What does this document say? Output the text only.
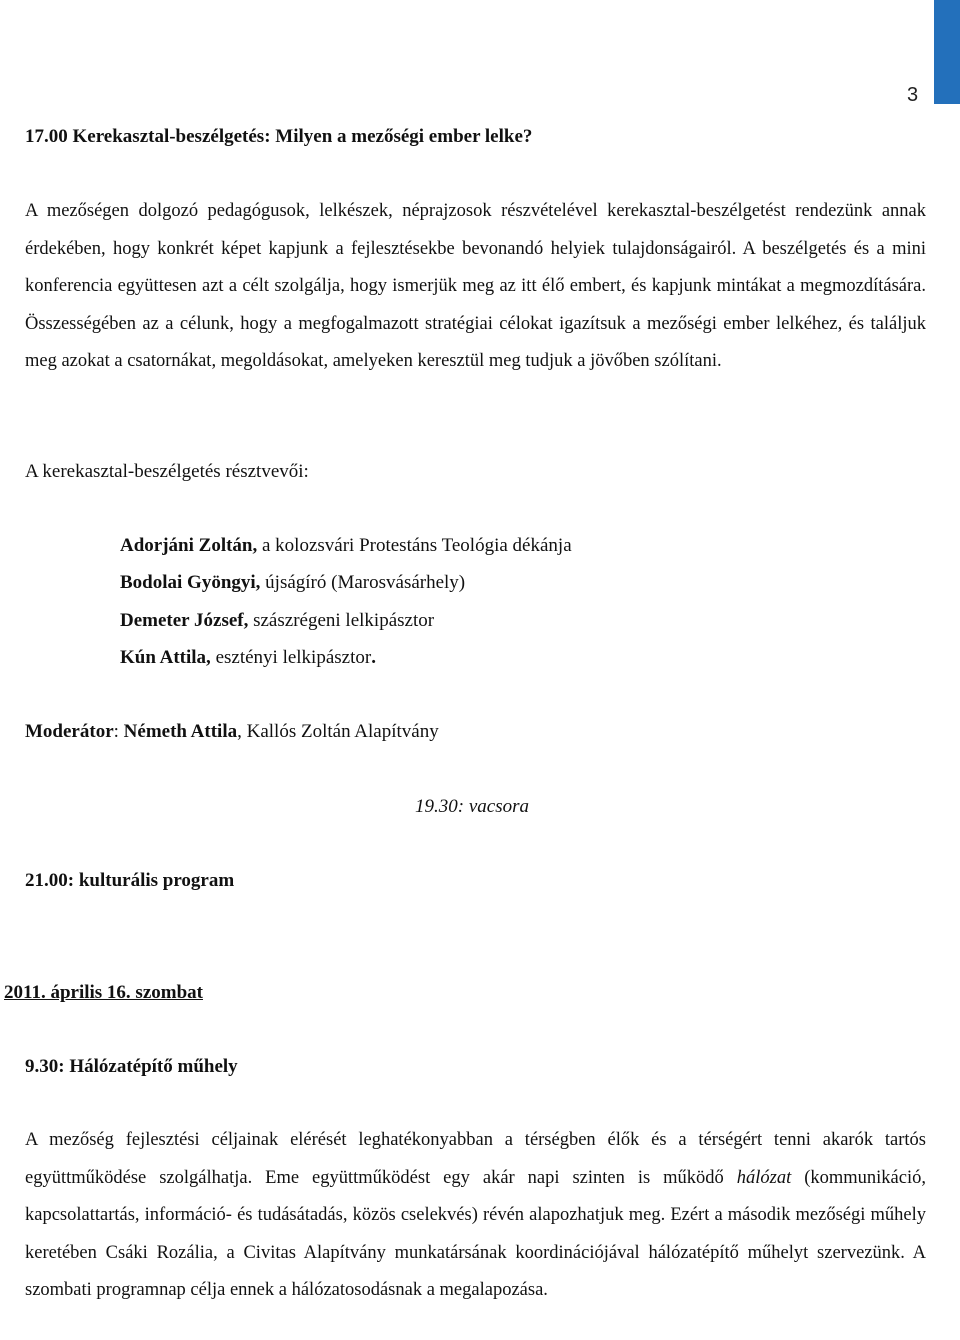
3
17.00 Kerekasztal-beszélgetés: Milyen a mezőségi ember lelke?
A mezőségen dolgozó pedagógusok, lelkészek, néprajzosok részvételével kerekasztal-beszélgetést rendezünk annak érdekében, hogy konkrét képet kapjunk a fejlesztésekbe bevonandó helyiek tulajdonságairól. A beszélgetés és a mini konferencia együttesen azt a célt szolgálja, hogy ismerjük meg az itt élő embert, és kapjunk mintákat a megmozdítására. Összességében az a célunk, hogy a megfogalmazott stratégiai célokat igazítsuk a mezőségi ember lelkéhez, és találjuk meg azokat a csatornákat, megoldásokat, amelyeken keresztül meg tudjuk a jövőben szólítani.
A kerekasztal-beszélgetés résztvevői:
Adorjáni Zoltán, a kolozsvári Protestáns Teológia dékánja
Bodolai Gyöngyi, újságíró (Marosvásárhely)
Demeter József, szászrégeni lelkipásztor
Kún Attila, esztényi lelkipásztor.
Moderátor: Németh Attila, Kallós Zoltán Alapítvány
19.30: vacsora
21.00: kulturális program
2011. április 16. szombat
9.30: Hálózatépítő műhely
A mezőség fejlesztési céljainak elérését leghatékonyabban a térségben élők és a térségért tenni akarók tartós együttműködése szolgálhatja. Eme együttműködést egy akár napi szinten is működő hálózat (kommunikáció, kapcsolattartás, információ- és tudásátadás, közös cselekvés) révén alapozhatjuk meg. Ezért a második mezőségi műhely keretében Csáki Rozália, a Civitas Alapítvány munkatársának koordinációjával hálózatépítő műhelyt szervezünk. A szombati programnap célja ennek a hálózatosodásnak a megalapozása.
